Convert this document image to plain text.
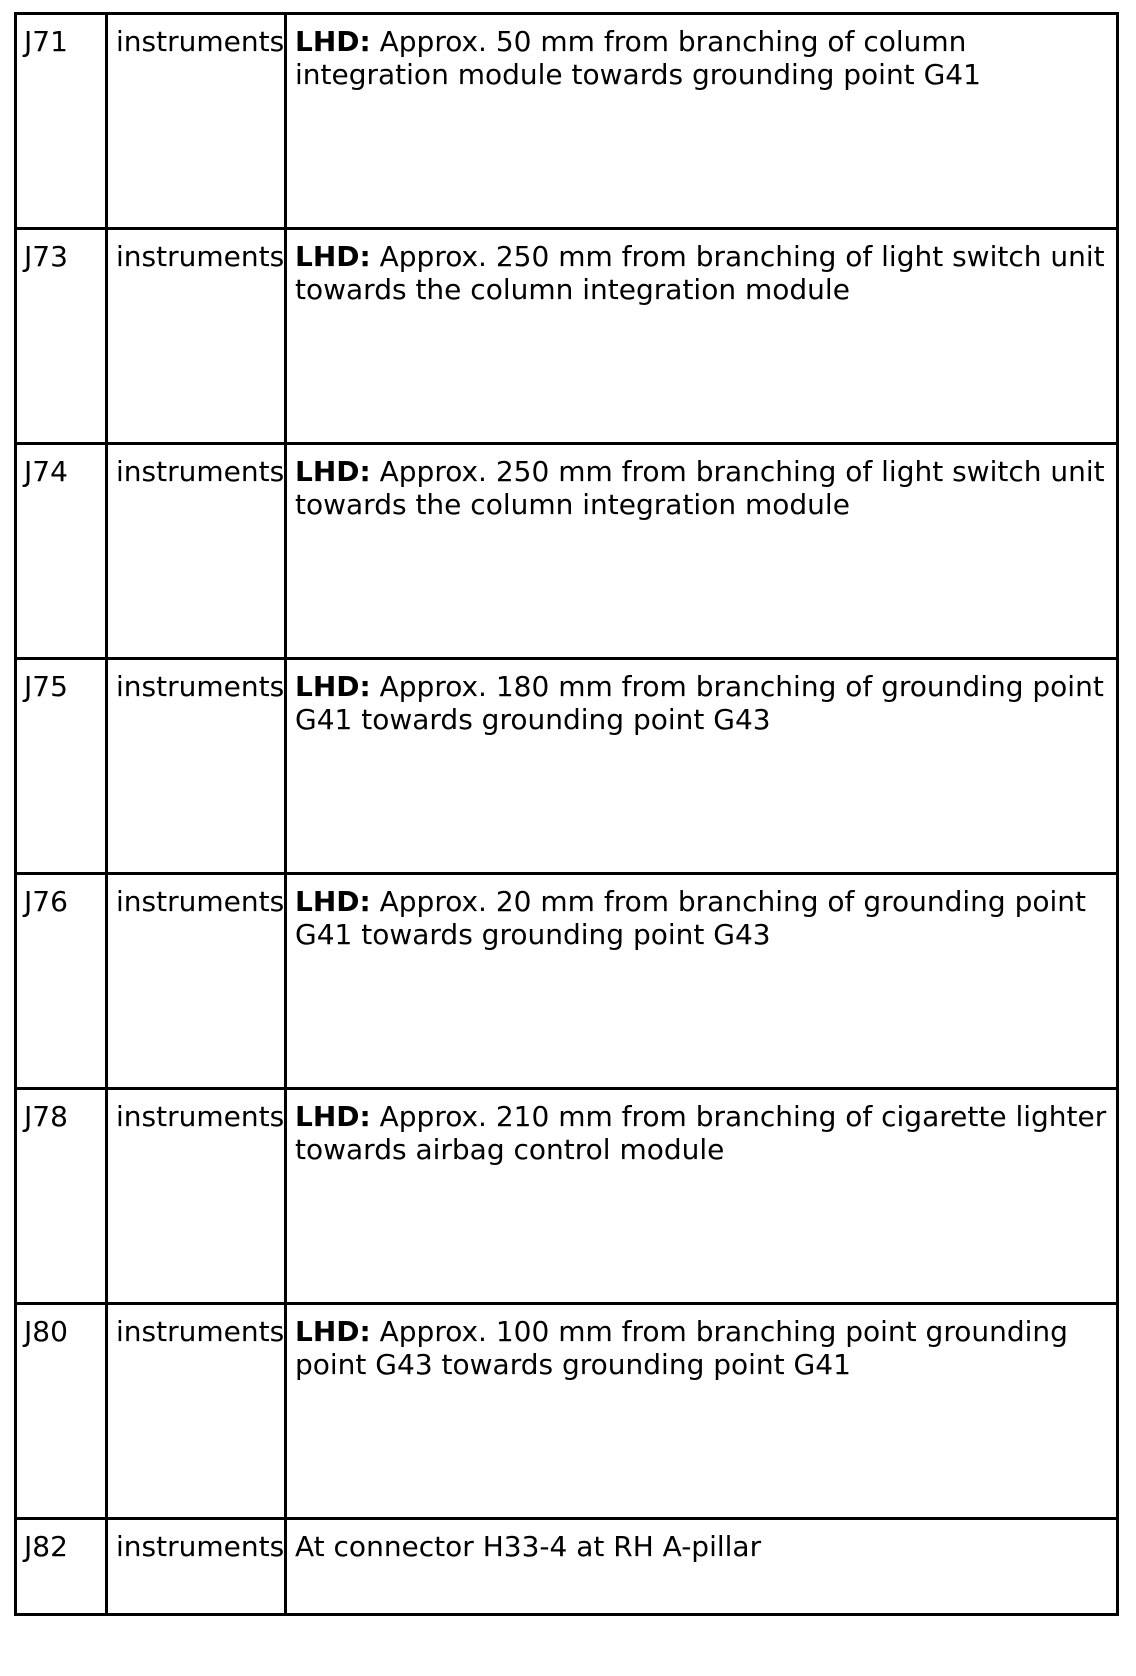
J71	instruments	LHD: Approx. 50 mm from branching of column integration module towards grounding point G41
J73	instruments	LHD: Approx. 250 mm from branching of light switch unit towards the column integration module
J74	instruments	LHD: Approx. 250 mm from branching of light switch unit towards the column integration module
J75	instruments	LHD: Approx. 180 mm from branching of grounding point G41 towards grounding point G43
J76	instruments	LHD: Approx. 20 mm from branching of grounding point G41 towards grounding point G43
J78	instruments	LHD: Approx. 210 mm from branching of cigarette lighter towards airbag control module
J80	instruments	LHD: Approx. 100 mm from branching point grounding point G43 towards grounding point G41
J82	instruments	At connector H33-4 at RH A-pillar
